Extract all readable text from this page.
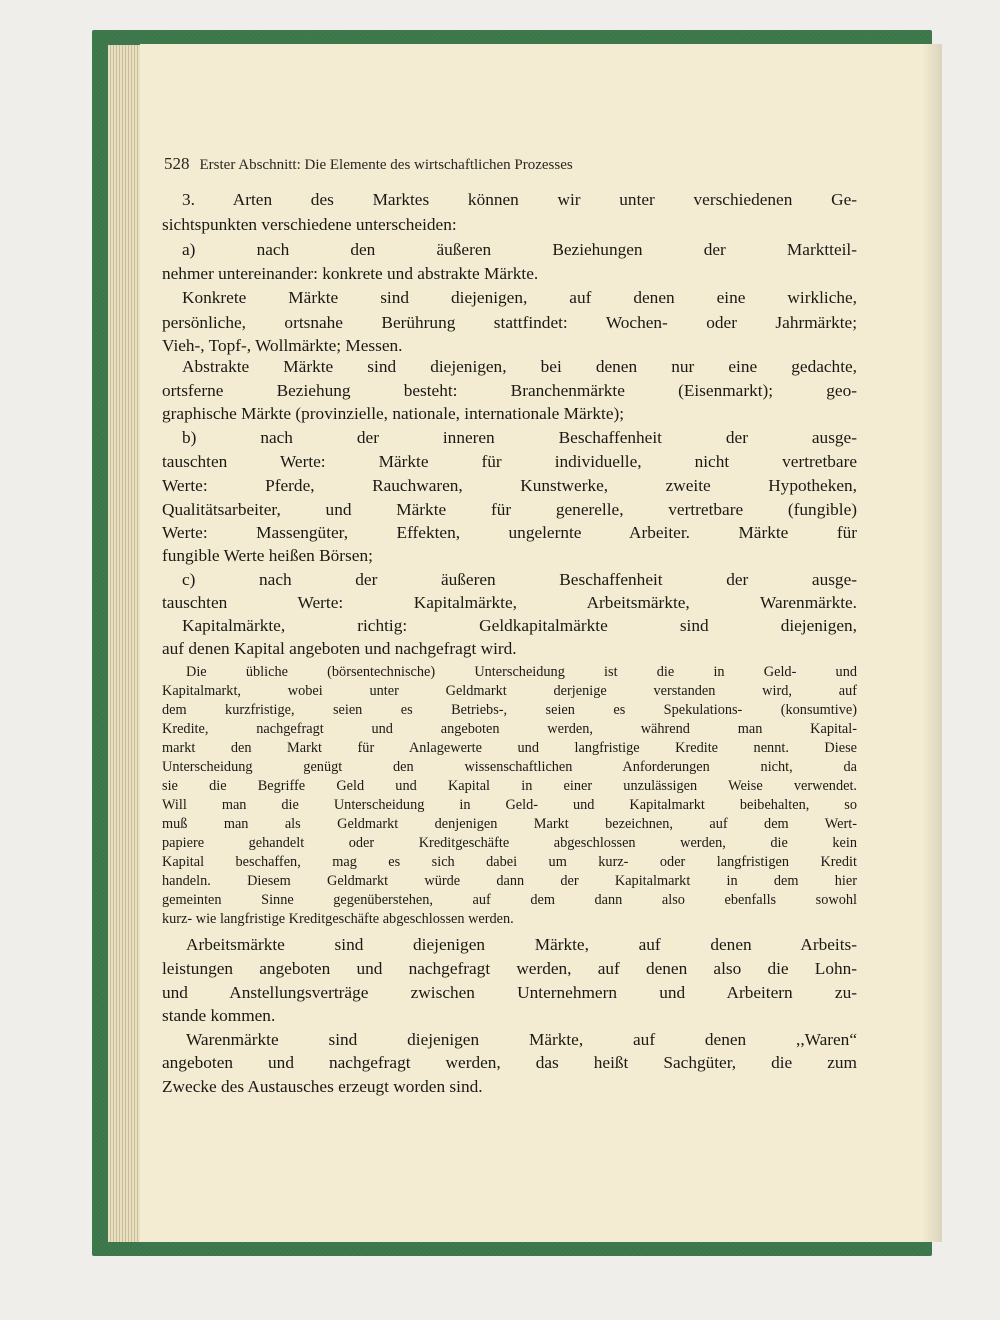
528 Erster Abschnitt: Die Elemente des wirtschaftlichen Prozesses

3. Arten des Marktes können wir unter verschiedenen Ge-

sichtspunkten verschiedene unterscheiden:

a) nach den äußeren Beziehungen der Marktteil-

nehmer untereinander: konkrete und abstrakte Märkte.

Konkrete Märkte sind diejenigen, auf denen eine wirkliche,

persönliche, ortsnahe Berührung stattfindet: Wochen- oder Jahrmärkte;

Vieh-, Topf-, Wollmärkte; Messen.

Abstrakte Märkte sind diejenigen, bei denen nur eine gedachte,

ortsferne Beziehung besteht: Branchenmärkte (Eisenmarkt); geo-

graphische Märkte (provinzielle, nationale, internationale Märkte);

b) nach der inneren Beschaffenheit der ausge-

tauschten Werte: Märkte für individuelle, nicht vertretbare

Werte: Pferde, Rauchwaren, Kunstwerke, zweite Hypotheken,

Qualitätsarbeiter, und Märkte für generelle, vertretbare (fungible)

Werte: Massengüter, Effekten, ungelernte Arbeiter. Märkte für

fungible Werte heißen Börsen;

c) nach der äußeren Beschaffenheit der ausge-

tauschten Werte: Kapitalmärkte, Arbeitsmärkte, Warenmärkte.

Kapitalmärkte, richtig: Geldkapitalmärkte sind diejenigen,

auf denen Kapital angeboten und nachgefragt wird.

Die übliche (börsentechnische) Unterscheidung ist die in Geld- und

Kapitalmarkt, wobei unter Geldmarkt derjenige verstanden wird, auf

dem kurzfristige, seien es Betriebs-, seien es Spekulations- (konsumtive)

Kredite, nachgefragt und angeboten werden, während man Kapital-

markt den Markt für Anlagewerte und langfristige Kredite nennt. Diese

Unterscheidung genügt den wissenschaftlichen Anforderungen nicht, da

sie die Begriffe Geld und Kapital in einer unzulässigen Weise verwendet.

Will man die Unterscheidung in Geld- und Kapitalmarkt beibehalten, so

muß man als Geldmarkt denjenigen Markt bezeichnen, auf dem Wert-

papiere gehandelt oder Kreditgeschäfte abgeschlossen werden, die kein

Kapital beschaffen, mag es sich dabei um kurz- oder langfristigen Kredit

handeln. Diesem Geldmarkt würde dann der Kapitalmarkt in dem hier

gemeinten Sinne gegenüberstehen, auf dem dann also ebenfalls sowohl

kurz- wie langfristige Kreditgeschäfte abgeschlossen werden.

Arbeitsmärkte sind diejenigen Märkte, auf denen Arbeits-

leistungen angeboten und nachgefragt werden, auf denen also die Lohn-

und Anstellungsverträge zwischen Unternehmern und Arbeitern zu-

stande kommen.

Warenmärkte sind diejenigen Märkte, auf denen ,,Waren“

angeboten und nachgefragt werden, das heißt Sachgüter, die zum

Zwecke des Austausches erzeugt worden sind.
